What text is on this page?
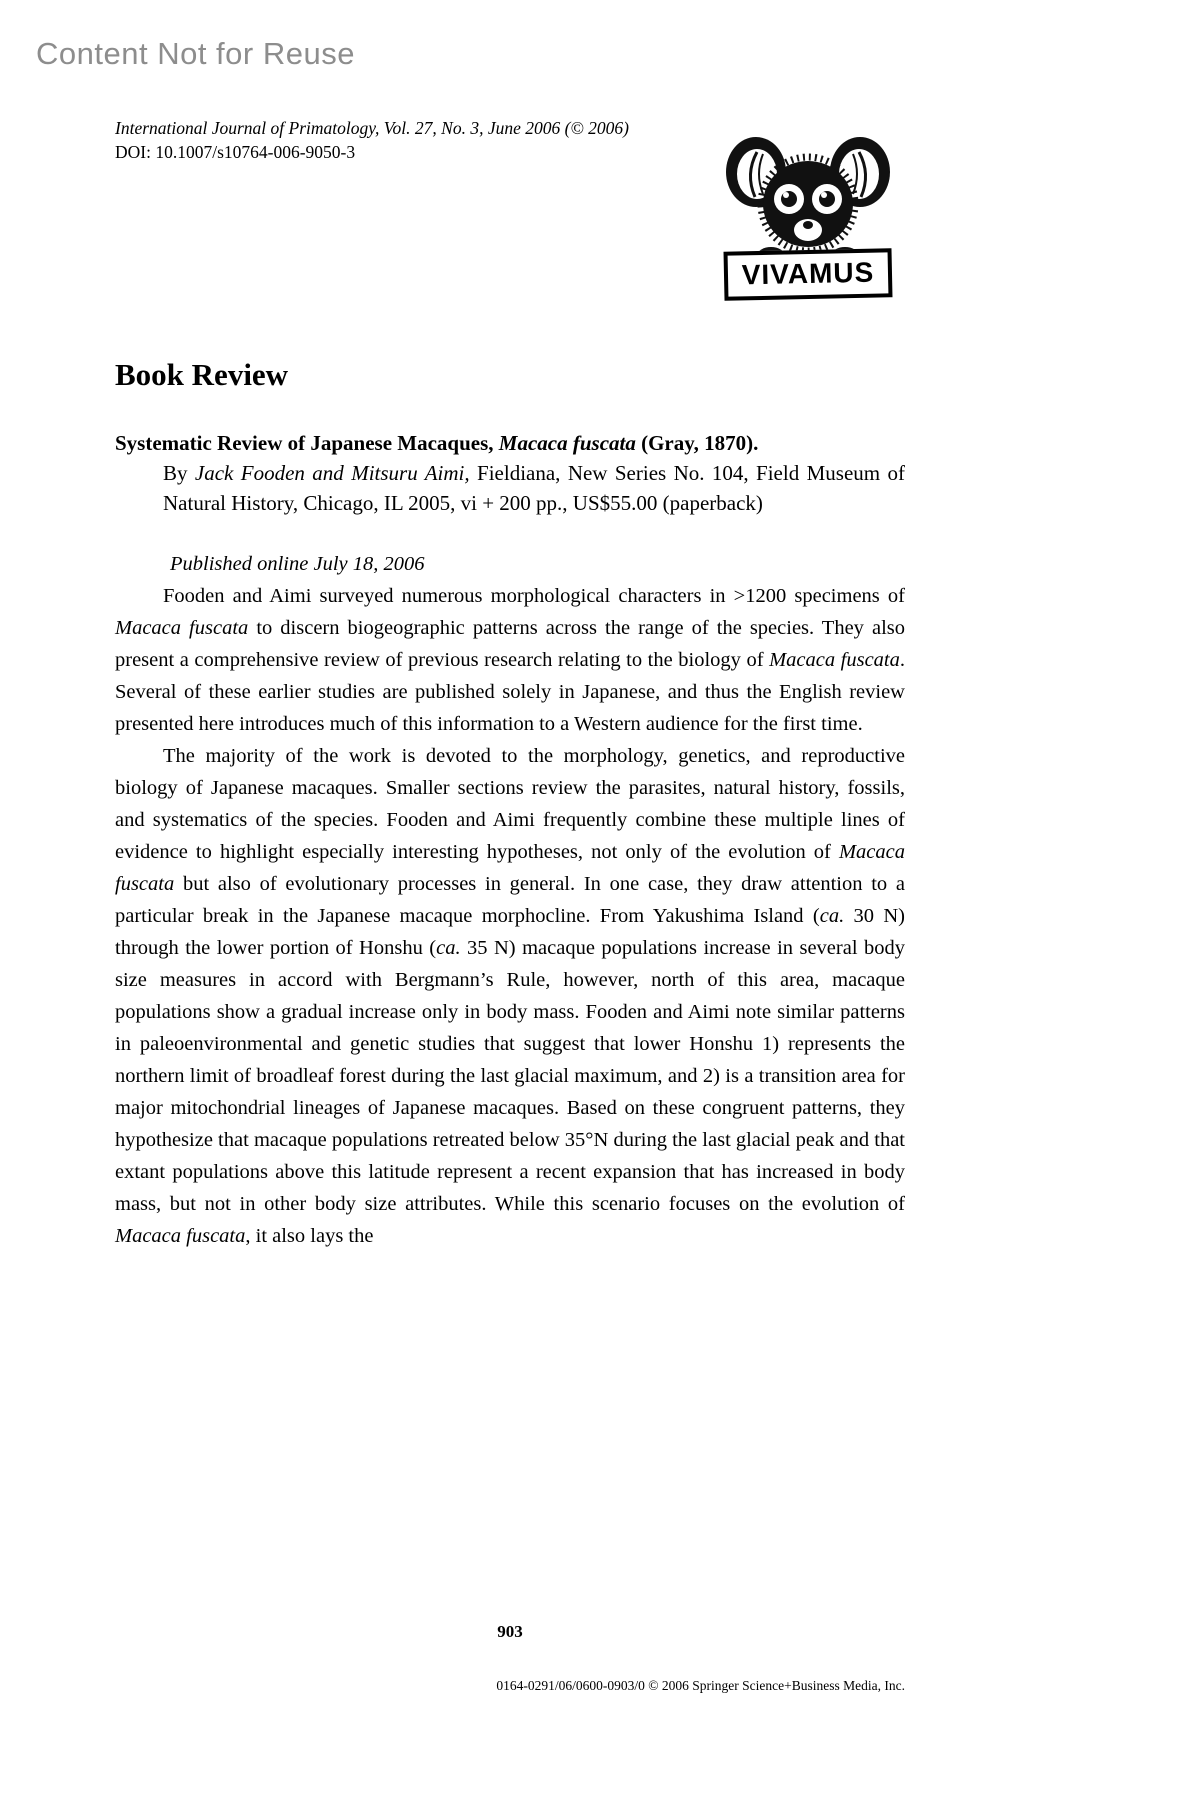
Content Not for Reuse
International Journal of Primatology, Vol. 27, No. 3, June 2006 (© 2006)
DOI: 10.1007/s10764-006-9050-3
VIVAMUS
Book Review

Systematic Review of Japanese Macaques, Macaca fuscata (Gray, 1870).

By Jack Fooden and Mitsuru Aimi, Fieldiana, New Series No. 104, Field Museum of Natural History, Chicago, IL 2005, vi + 200 pp., US$55.00 (paperback)

Published online July 18, 2006

Fooden and Aimi surveyed numerous morphological characters in >1200 specimens of Macaca fuscata to discern biogeographic patterns across the range of the species. They also present a comprehensive review of previous research relating to the biology of Macaca fuscata. Several of these earlier studies are published solely in Japanese, and thus the English review presented here introduces much of this information to a Western audience for the first time.

The majority of the work is devoted to the morphology, genetics, and reproductive biology of Japanese macaques. Smaller sections review the parasites, natural history, fossils, and systematics of the species. Fooden and Aimi frequently combine these multiple lines of evidence to highlight especially interesting hypotheses, not only of the evolution of Macaca fuscata but also of evolutionary processes in general. In one case, they draw attention to a particular break in the Japanese macaque morphocline. From Yakushima Island (ca. 30 N) through the lower portion of Honshu (ca. 35 N) macaque populations increase in several body size measures in accord with Bergmann’s Rule, however, north of this area, macaque populations show a gradual increase only in body mass. Fooden and Aimi note similar patterns in paleoenvironmental and genetic studies that suggest that lower Honshu 1) represents the northern limit of broadleaf forest during the last glacial maximum, and 2) is a transition area for major mitochondrial lineages of Japanese macaques. Based on these congruent patterns, they hypothesize that macaque populations retreated below 35°N during the last glacial peak and that extant populations above this latitude represent a recent expansion that has increased in body mass, but not in other body size attributes. While this scenario focuses on the evolution of Macaca fuscata, it also lays the

903
0164-0291/06/0600-0903/0 © 2006 Springer Science+Business Media, Inc.
